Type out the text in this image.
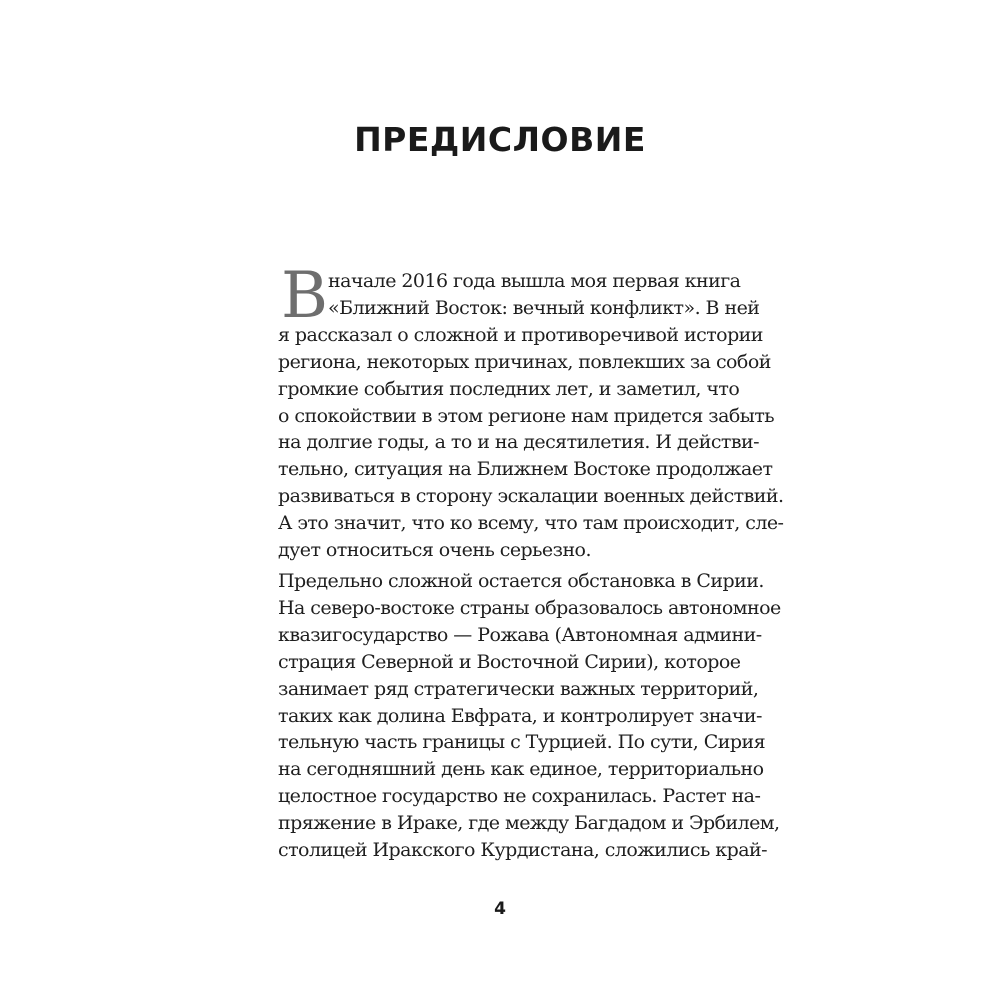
ПРЕДИСЛОВИЕ
В начале 2016 года вышла моя первая книга
«Ближний Восток: вечный конфликт». В ней
я рассказал о сложной и противоречивой истории
региона, некоторых причинах, повлекших за собой
громкие события последних лет, и заметил, что
о спокойствии в этом регионе нам придется забыть
на долгие годы, а то и на десятилетия. И действи-
тельно, ситуация на Ближнем Востоке продолжает
развиваться в сторону эскалации военных действий.
А это значит, что ко всему, что там происходит, сле-
дует относиться очень серьезно.
Предельно сложной остается обстановка в Сирии.
На северо-востоке страны образовалось автономное
квазигосударство — Рожава (Автономная админи-
страция Северной и Восточной Сирии), которое
занимает ряд стратегически важных территорий,
таких как долина Евфрата, и контролирует значи-
тельную часть границы с Турцией. По сути, Сирия
на сегодняшний день как единое, территориально
целостное государство не сохранилась. Растет на-
пряжение в Ираке, где между Багдадом и Эрбилем,
столицей Иракского Курдистана, сложились край-
4
